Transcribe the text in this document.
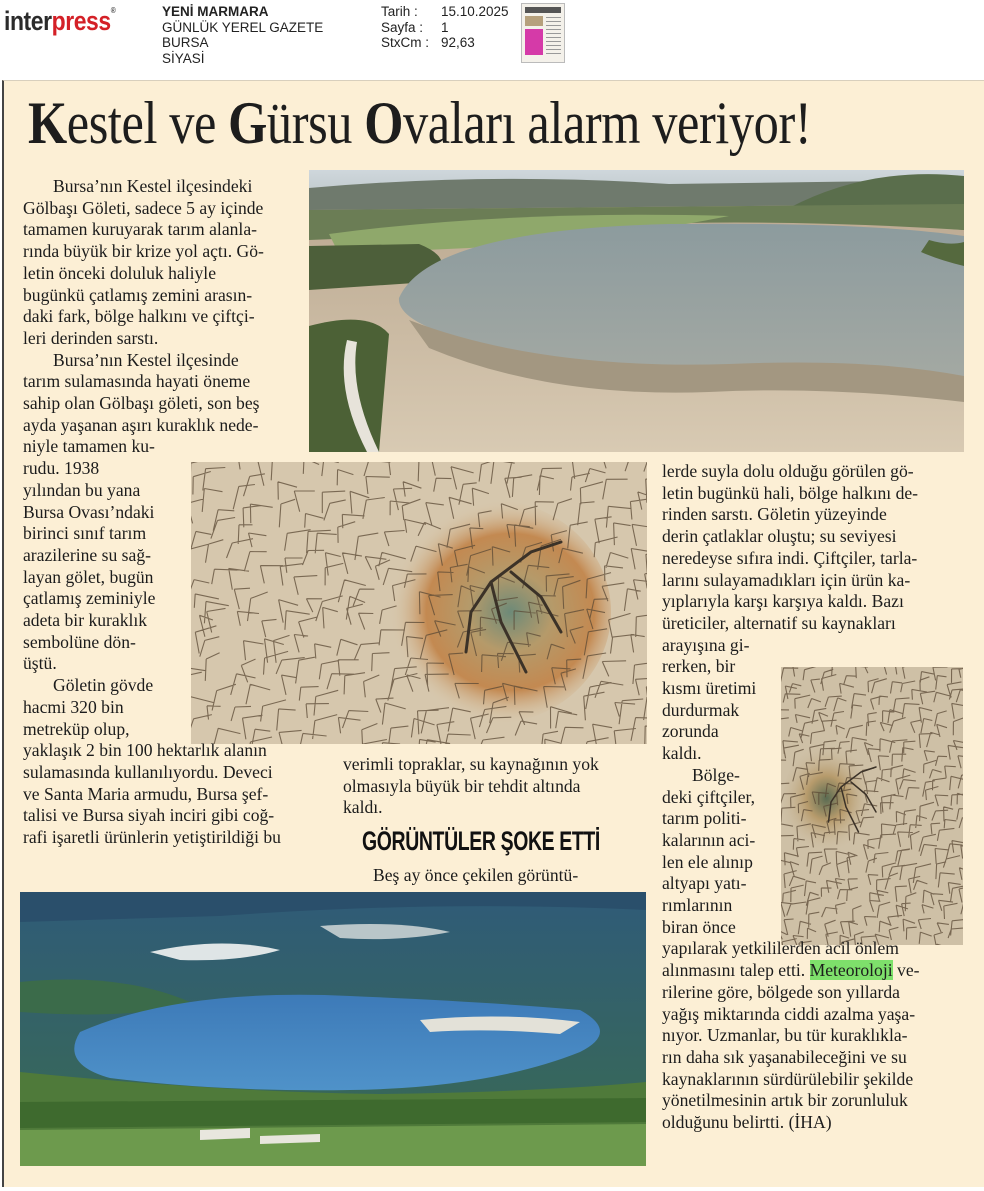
interpress®	YENİ MARMARA
GÜNLÜK YEREL GAZETE
BURSA
SİYASİ
Tarih :	15.10.2025
Sayfa :	1
StxCm : 92,63
Kestel ve Gürsu Ovaları alarm veriyor!

Bursa’nın Kestel ilçesindeki

Gölbaşı Göleti, sadece 5 ay içinde

tamamen kuruyarak tarım alanla-

rında büyük bir krize yol açtı. Gö-

letin önceki doluluk haliyle

bugünkü çatlamış zemini arasın-

daki fark, bölge halkını ve çiftçi-

leri derinden sarstı.

Bursa’nın Kestel ilçesinde

tarım sulamasında hayati öneme

sahip olan Gölbaşı göleti, son beş

ayda yaşanan aşırı kuraklık nede-

niyle tamamen ku-

rudu. 1938

yılından bu yana

Bursa Ovası’ndaki

birinci sınıf tarım

arazilerine su sağ-

layan gölet, bugün

çatlamış zeminiyle

adeta bir kuraklık

sembolüne dön-

üştü.

Göletin gövde

hacmi 320 bin

metreküp olup,

yaklaşık 2 bin 100 hektarlık alanın

sulamasında kullanılıyordu. Deveci

ve Santa Maria armudu, Bursa şef-

talisi ve Bursa siyah inciri gibi coğ-

rafi işaretli ürünlerin yetiştirildiği bu

verimli topraklar, su kaynağının yok

olmasıyla büyük bir tehdit altında

kaldı.

GÖRÜNTÜLER ŞOKE ETTİ

Beş ay önce çekilen görüntü-

lerde suyla dolu olduğu görülen gö-

letin bugünkü hali, bölge halkını de-

rinden sarstı. Göletin yüzeyinde

derin çatlaklar oluştu; su seviyesi

neredeyse sıfıra indi. Çiftçiler, tarla-

larını sulayamadıkları için ürün ka-

yıplarıyla karşı karşıya kaldı. Bazı

üreticiler, alternatif su kaynakları

arayışına gi-

rerken, bir

kısmı üretimi

durdurmak

zorunda

kaldı.

Bölge-

deki çiftçiler,

tarım politi-

kalarının aci-

len ele alınıp

altyapı yatı-

rımlarının

biran önce

yapılarak yetkililerden acil önlem

alınmasını talep etti. Meteoroloji ve-

rilerine göre, bölgede son yıllarda

yağış miktarında ciddi azalma yaşa-

nıyor. Uzmanlar, bu tür kuraklıkla-

rın daha sık yaşanabileceğini ve su

kaynaklarının sürdürülebilir şekilde

yönetilmesinin artık bir zorunluluk

olduğunu belirtti. (İHA)
